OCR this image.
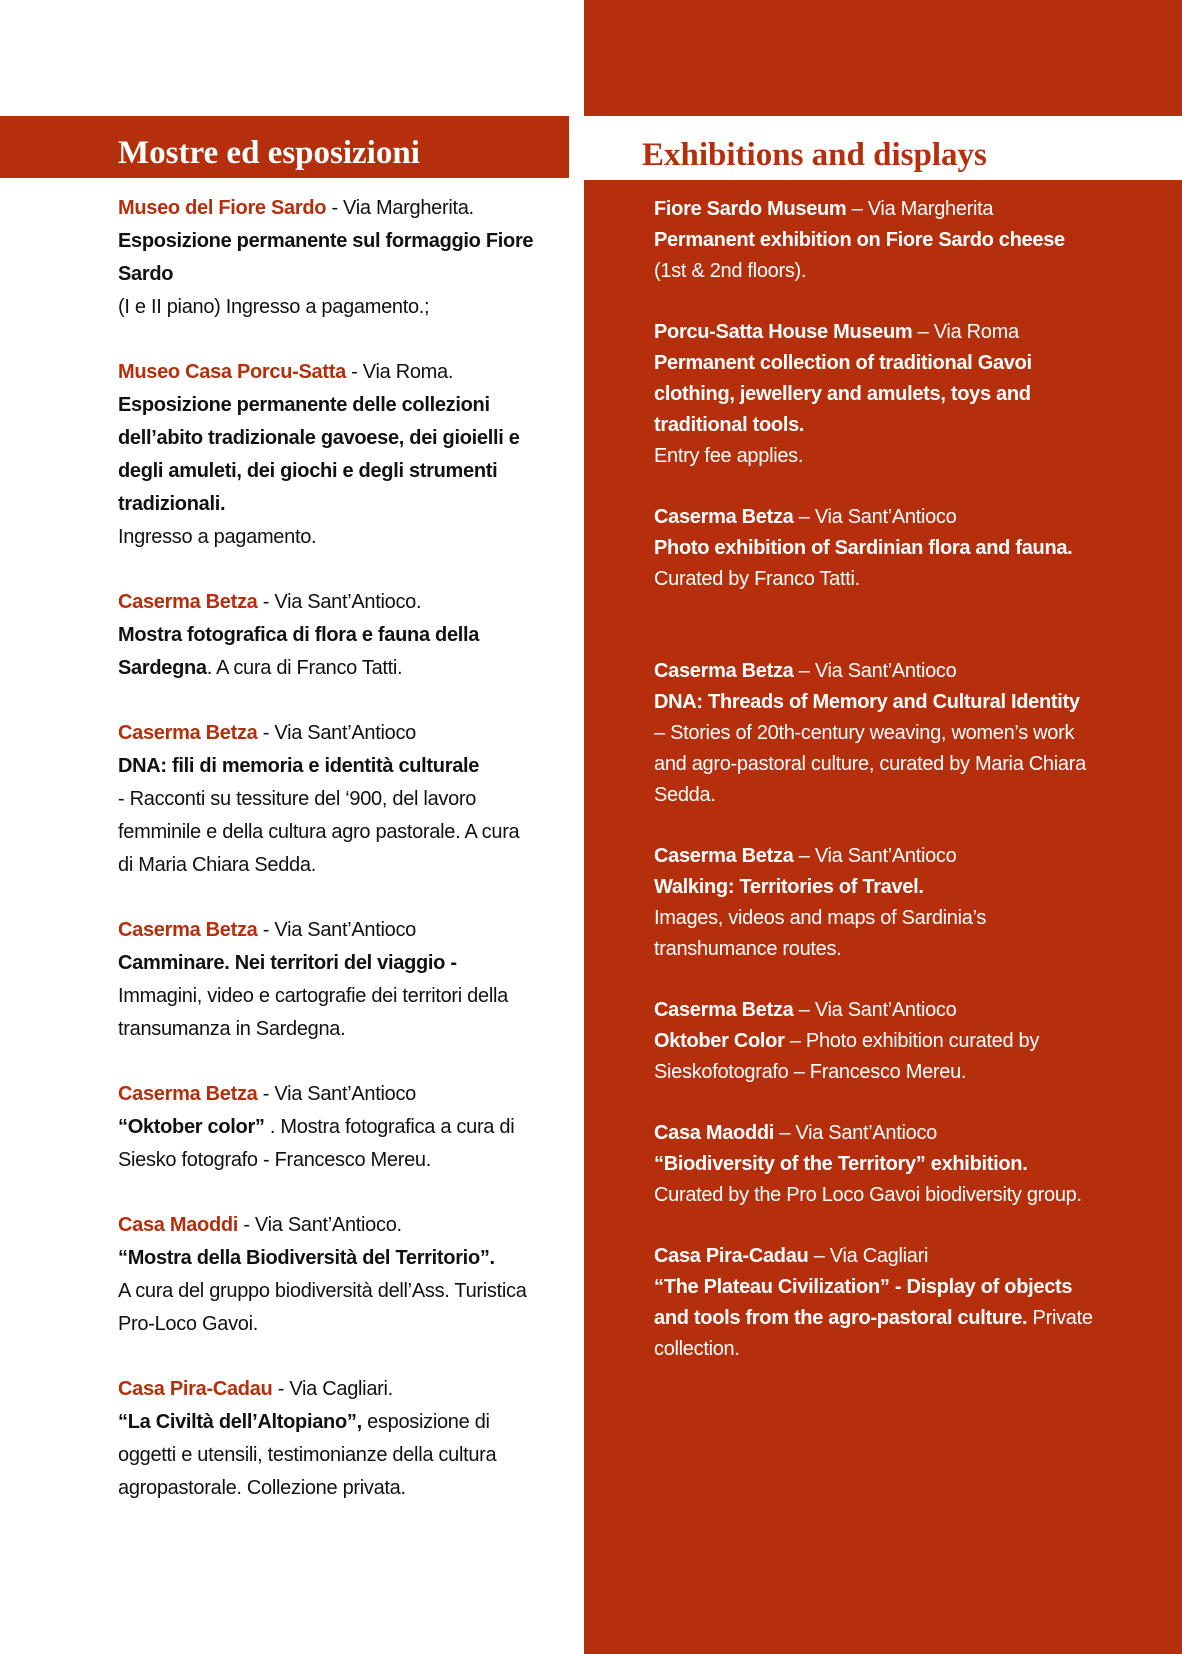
Mostre ed esposizioni	Exhibitions and displays

Museo del Fiore Sardo - Via Margherita.
Esposizione permanente sul formaggio Fiore Sardo
(I e II piano) Ingresso a pagamento.;

Museo Casa Porcu-Satta - Via Roma.
Esposizione permanente delle collezioni dell’abito tradizionale gavoese, dei gioielli e degli amuleti, dei giochi e degli strumenti tradizionali.
Ingresso a pagamento.

Caserma Betza - Via Sant’Antioco.
Mostra fotografica di flora e fauna della Sardegna. A cura di Franco Tatti.

Caserma Betza - Via Sant’Antioco
DNA: fili di memoria e identità culturale
- Racconti su tessiture del ‘900, del lavoro femminile e della cultura agro pastorale. A cura di Maria Chiara Sedda.

Caserma Betza - Via Sant’Antioco
Camminare. Nei territori del viaggio -
Immagini, video e cartografie dei territori della transumanza in Sardegna.

Caserma Betza - Via Sant’Antioco
“Oktober color” . Mostra fotografica a cura di Siesko fotografo - Francesco Mereu.

Casa Maoddi - Via Sant’Antioco.
“Mostra della Biodiversità del Territorio”.
A cura del gruppo biodiversità dell’Ass. Turistica Pro-Loco Gavoi.

Casa Pira-Cadau - Via Cagliari.
“La Civiltà dell’Altopiano”, esposizione di oggetti e utensili, testimonianze della cultura agropastorale. Collezione privata.

Fiore Sardo Museum – Via Margherita
Permanent exhibition on Fiore Sardo cheese (1st & 2nd floors).

Porcu-Satta House Museum – Via Roma
Permanent collection of traditional Gavoi clothing, jewellery and amulets, toys and traditional tools.
Entry fee applies.

Caserma Betza – Via Sant’Antioco
Photo exhibition of Sardinian flora and fauna. Curated by Franco Tatti.

Caserma Betza – Via Sant’Antioco
DNA: Threads of Memory and Cultural Identity – Stories of 20th-century weaving, women’s work and agro-pastoral culture, curated by Maria Chiara Sedda.

Caserma Betza – Via Sant’Antioco
Walking: Territories of Travel.
Images, videos and maps of Sardinia’s transhumance routes.

Caserma Betza – Via Sant’Antioco
Oktober Color – Photo exhibition curated by Sieskofotografo – Francesco Mereu.

Casa Maoddi – Via Sant’Antioco
“Biodiversity of the Territory” exhibition.
Curated by the Pro Loco Gavoi biodiversity group.

Casa Pira-Cadau – Via Cagliari
“The Plateau Civilization” - Display of objects and tools from the agro-pastoral culture. Private collection.
